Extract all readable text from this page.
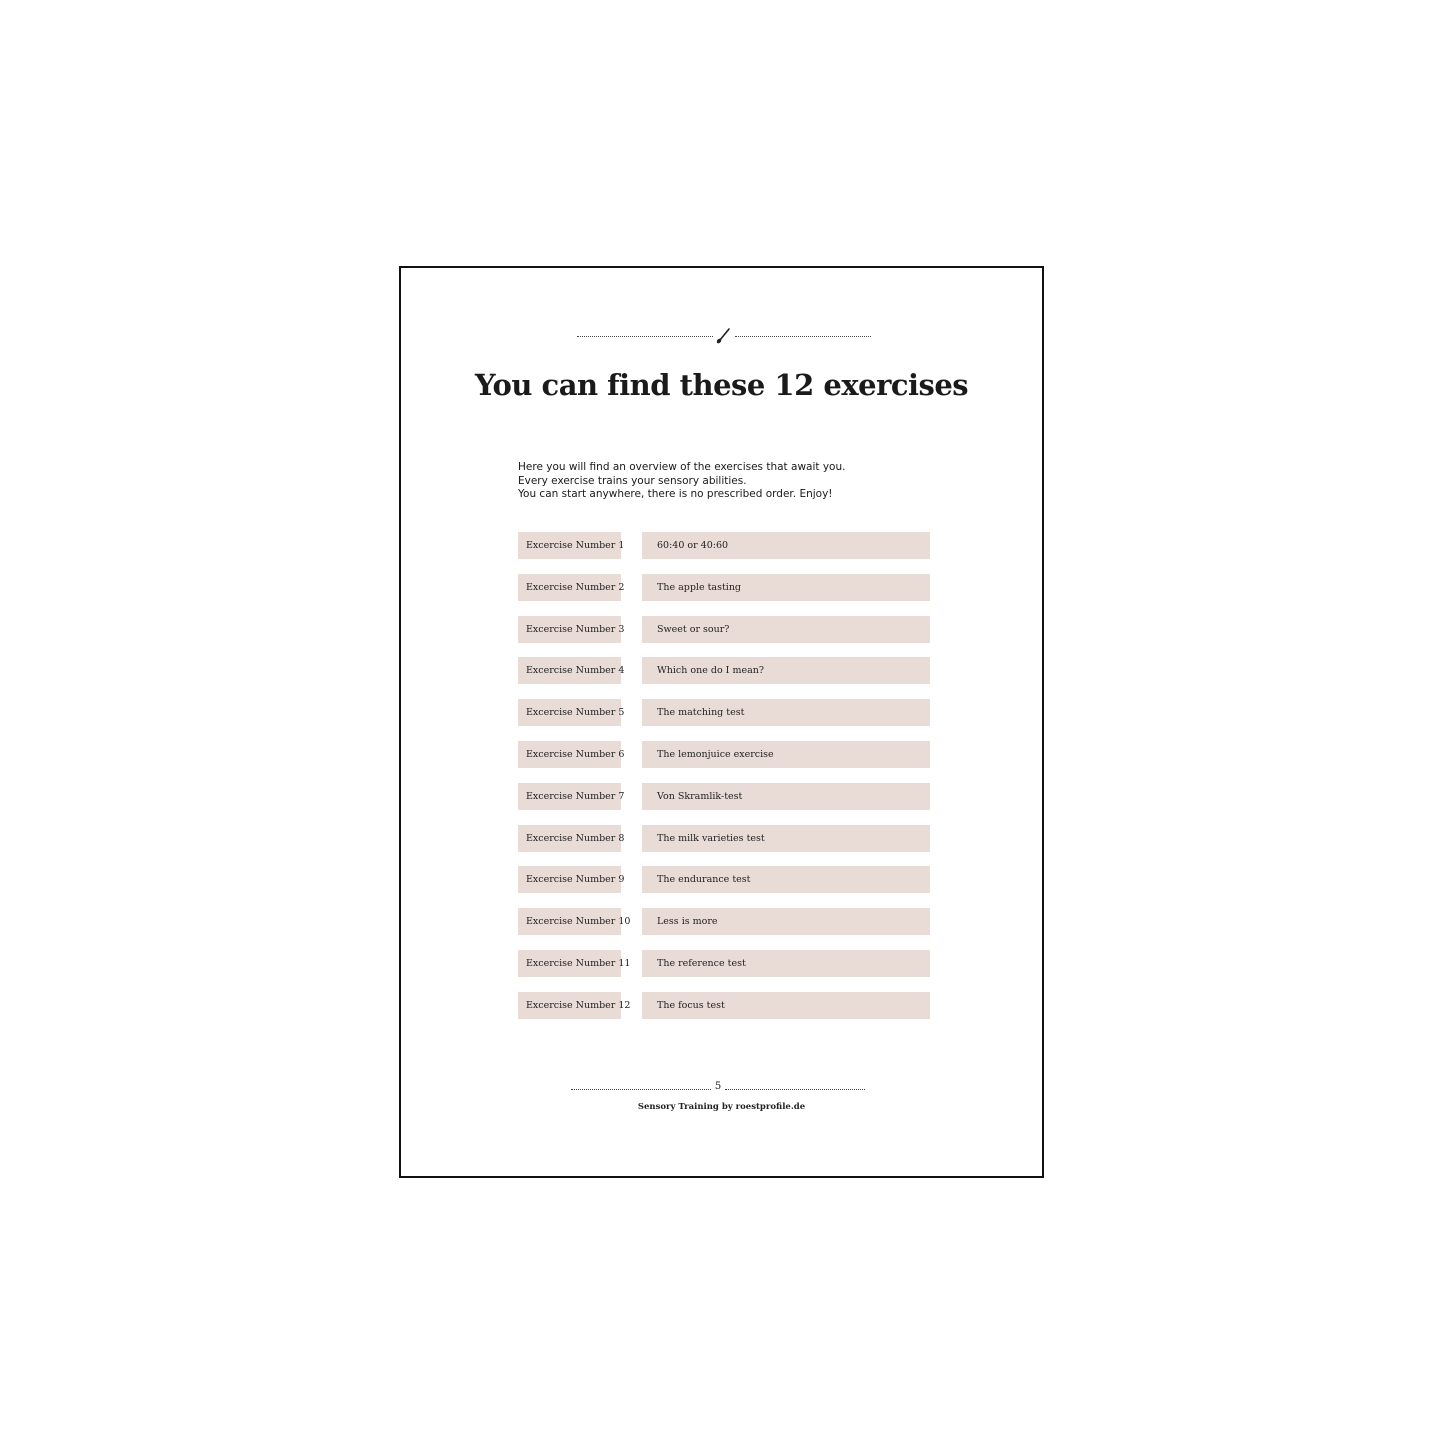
You can find these 12 exercises
Here you will find an overview of the exercises that await you.
Every exercise trains your sensory abilities.
You can start anywhere, there is no prescribed order. Enjoy!
Excercise Number 1	60:40 or 40:60
Excercise Number 2	The apple tasting
Excercise Number 3	Sweet or sour?
Excercise Number 4	Which one do I mean?
Excercise Number 5	The matching test
Excercise Number 6	The lemonjuice exercise
Excercise Number 7	Von Skramlik-test
Excercise Number 8	The milk varieties test
Excercise Number 9	The endurance test
Excercise Number 10	Less is more
Excercise Number 11	The reference test
Excercise Number 12	The focus test
5
Sensory Training by roestprofile.de
